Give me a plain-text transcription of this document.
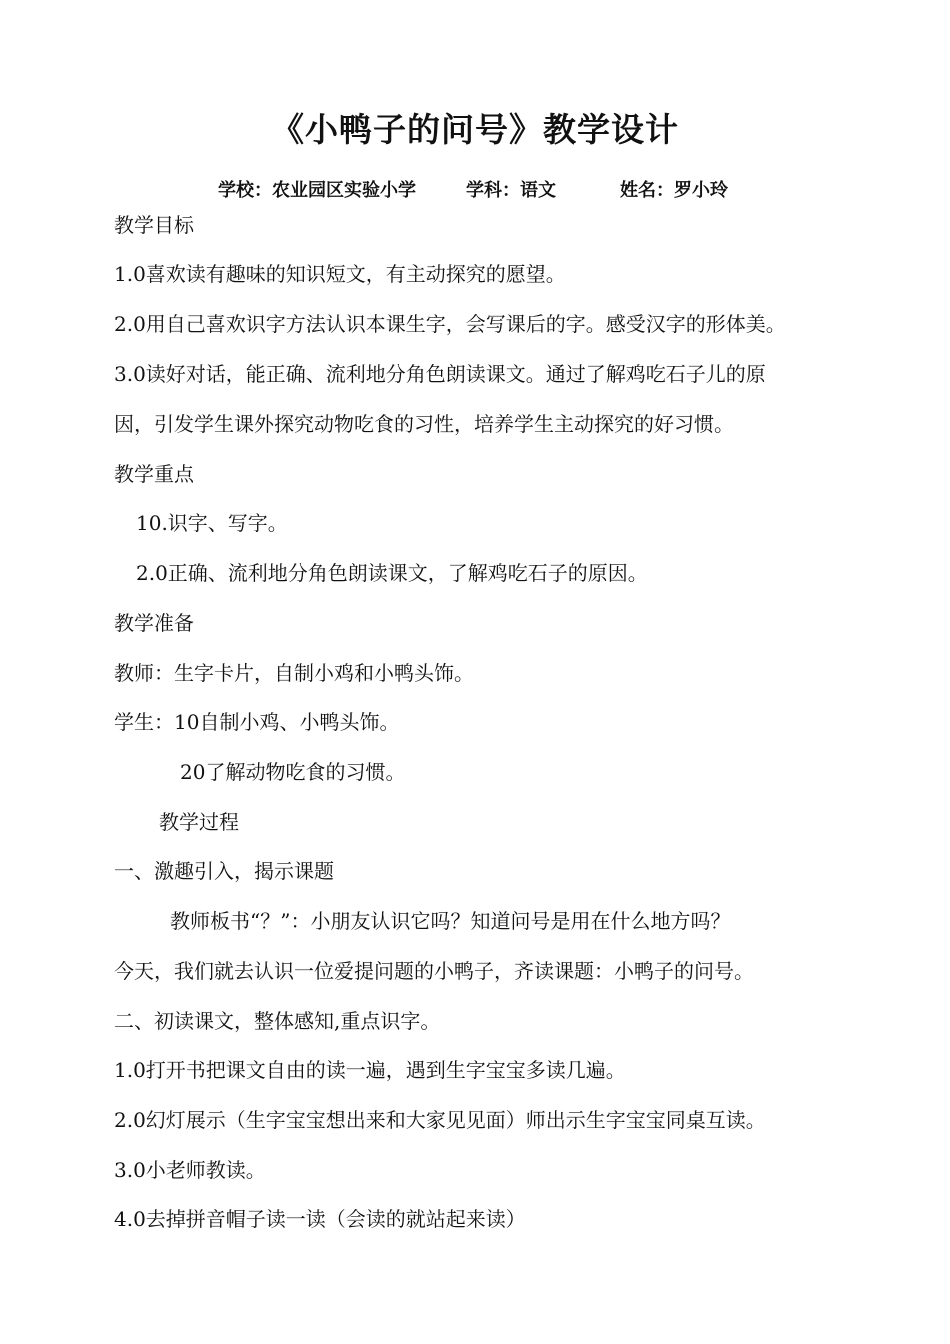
《小鸭子的问号》教学设计
学校：农业园区实验小学	学科：语文	姓名：罗小玲
教学目标
1.0喜欢读有趣味的知识短文，有主动探究的愿望。
2.0用自己喜欢识字方法认识本课生字，会写课后的字。感受汉字的形体美。
3.0读好对话，能正确、流利地分角色朗读课文。通过了解鸡吃石子儿的原
因，引发学生课外探究动物吃食的习性，培养学生主动探究的好习惯。
教学重点
10.识字、写字。
2.0正确、流利地分角色朗读课文，了解鸡吃石子的原因。
教学准备
教师：生字卡片，自制小鸡和小鸭头饰。
学生：10自制小鸡、小鸭头饰。
20了解动物吃食的习惯。
教学过程
一、激趣引入，揭示课题
教师板书“？”：小朋友认识它吗？知道问号是用在什么地方吗？
今天，我们就去认识一位爱提问题的小鸭子，齐读课题：小鸭子的问号。
二、初读课文，整体感知,重点识字。
1.0打开书把课文自由的读一遍，遇到生字宝宝多读几遍。
2.0幻灯展示（生字宝宝想出来和大家见见面）师出示生字宝宝同桌互读。
3.0小老师教读。
4.0去掉拼音帽子读一读（会读的就站起来读）
